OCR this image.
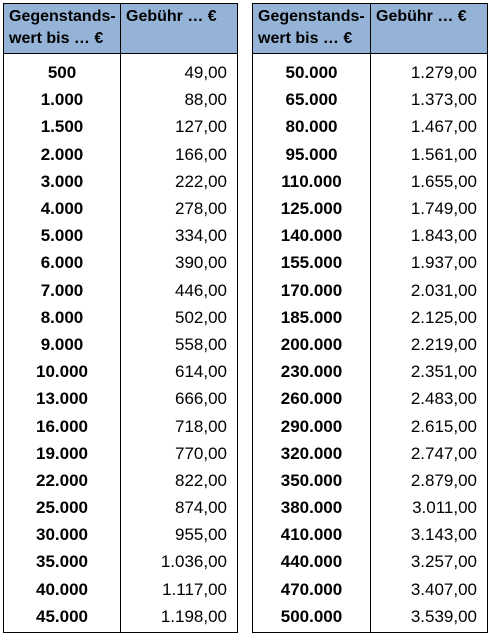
Gegenstands-
wert bis … €	Gebühr … €
500	49,00
1.000	88,00
1.500	127,00
2.000	166,00
3.000	222,00
4.000	278,00
5.000	334,00
6.000	390,00
7.000	446,00
8.000	502,00
9.000	558,00
10.000	614,00
13.000	666,00
16.000	718,00
19.000	770,00
22.000	822,00
25.000	874,00
30.000	955,00
35.000	1.036,00
40.000	1.117,00
45.000	1.198,00
Gegenstands-
wert bis … €	Gebühr … €
50.000	1.279,00
65.000	1.373,00
80.000	1.467,00
95.000	1.561,00
110.000	1.655,00
125.000	1.749,00
140.000	1.843,00
155.000	1.937,00
170.000	2.031,00
185.000	2.125,00
200.000	2.219,00
230.000	2.351,00
260.000	2.483,00
290.000	2.615,00
320.000	2.747,00
350.000	2.879,00
380.000	3.011,00
410.000	3.143,00
440.000	3.257,00
470.000	3.407,00
500.000	3.539,00
